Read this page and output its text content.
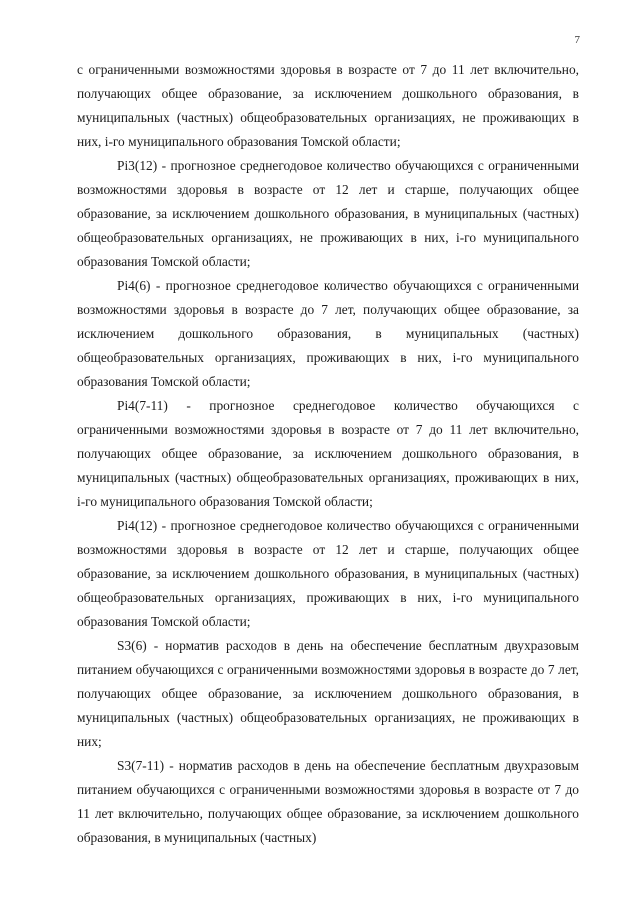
7

с ограниченными возможностями здоровья в возрасте от 7 до 11 лет включительно, получающих общее образование, за исключением дошкольного образования, в муниципальных (частных) общеобразовательных организациях, не проживающих в них, i-го муниципального образования Томской области;

Pi3(12) - прогнозное среднегодовое количество обучающихся с ограниченными возможностями здоровья в возрасте от 12 лет и старше, получающих общее образование, за исключением дошкольного образования, в муниципальных (частных) общеобразовательных организациях, не проживающих в них, i-го муниципального образования Томской области;

Pi4(6) - прогнозное среднегодовое количество обучающихся с ограниченными возможностями здоровья в возрасте до 7 лет, получающих общее образование, за исключением дошкольного образования, в муниципальных (частных) общеобразовательных организациях, проживающих в них, i-го муниципального образования Томской области;

Pi4(7-11) - прогнозное среднегодовое количество обучающихся с ограниченными возможностями здоровья в возрасте от 7 до 11 лет включительно, получающих общее образование, за исключением дошкольного образования, в муниципальных (частных) общеобразовательных организациях, проживающих в них, i-го муниципального образования Томской области;

Pi4(12) - прогнозное среднегодовое количество обучающихся с ограниченными возможностями здоровья в возрасте от 12 лет и старше, получающих общее образование, за исключением дошкольного образования, в муниципальных (частных) общеобразовательных организациях, проживающих в них, i-го муниципального образования Томской области;

S3(6) - норматив расходов в день на обеспечение бесплатным двухразовым питанием обучающихся с ограниченными возможностями здоровья в возрасте до 7 лет, получающих общее образование, за исключением дошкольного образования, в муниципальных (частных) общеобразовательных организациях, не проживающих в них;

S3(7-11) - норматив расходов в день на обеспечение бесплатным двухразовым питанием обучающихся с ограниченными возможностями здоровья в возрасте от 7 до 11 лет включительно, получающих общее образование, за исключением дошкольного образования, в муниципальных (частных)
